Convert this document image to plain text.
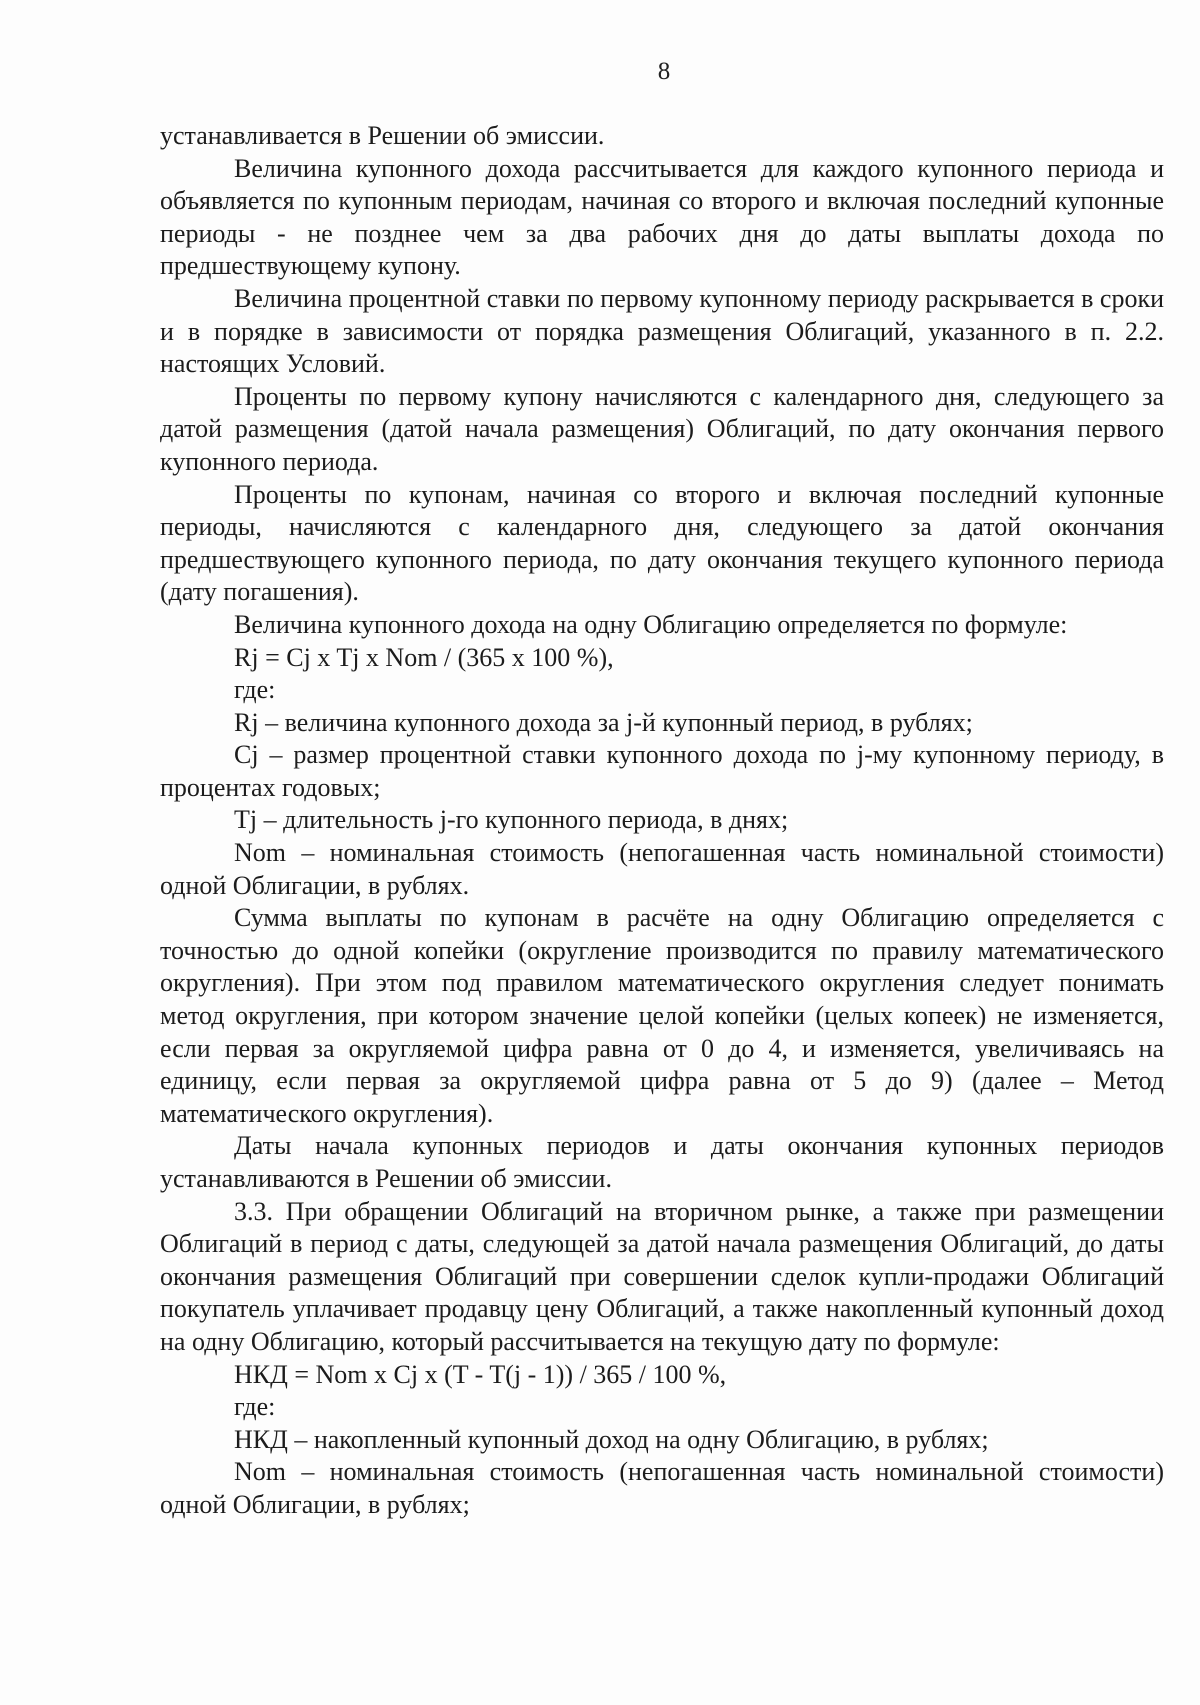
8

устанавливается в Решении об эмиссии.

Величина купонного дохода рассчитывается для каждого купонного периода и объявляется по купонным периодам, начиная со второго и включая последний купонные периоды - не позднее чем за два рабочих дня до даты выплаты дохода по предшествующему купону.

Величина процентной ставки по первому купонному периоду раскрывается в сроки и в порядке в зависимости от порядка размещения Облигаций, указанного в п. 2.2. настоящих Условий.

Проценты по первому купону начисляются с календарного дня, следующего за датой размещения (датой начала размещения) Облигаций, по дату окончания первого купонного периода.

Проценты по купонам, начиная со второго и включая последний купонные периоды, начисляются с календарного дня, следующего за датой окончания предшествующего купонного периода, по дату окончания текущего купонного периода (дату погашения).

Величина купонного дохода на одну Облигацию определяется по формуле:

Rj = Cj x Tj x Nom / (365 x 100 %),

где:

Rj – величина купонного дохода за j-й купонный период, в рублях;

Cj – размер процентной ставки купонного дохода по j-му купонному периоду, в процентах годовых;

Tj – длительность j-го купонного периода, в днях;

Nom – номинальная стоимость (непогашенная часть номинальной стоимости) одной Облигации, в рублях.

Сумма выплаты по купонам в расчёте на одну Облигацию определяется с точностью до одной копейки (округление производится по правилу математического округления). При этом под правилом математического округления следует понимать метод округления, при котором значение целой копейки (целых копеек) не изменяется, если первая за округляемой цифра равна от 0 до 4, и изменяется, увеличиваясь на единицу, если первая за округляемой цифра равна от 5 до 9) (далее – Метод математического округления).

Даты начала купонных периодов и даты окончания купонных периодов устанавливаются в Решении об эмиссии.

3.3. При обращении Облигаций на вторичном рынке, а также при размещении Облигаций в период с даты, следующей за датой начала размещения Облигаций, до даты окончания размещения Облигаций при совершении сделок купли-продажи Облигаций покупатель уплачивает продавцу цену Облигаций, а также накопленный купонный доход на одну Облигацию, который рассчитывается на текущую дату по формуле:

НКД = Nom x Cj x (T - T(j - 1)) / 365 / 100 %,

где:

НКД – накопленный купонный доход на одну Облигацию, в рублях;

Nom – номинальная стоимость (непогашенная часть номинальной стоимости) одной Облигации, в рублях;
